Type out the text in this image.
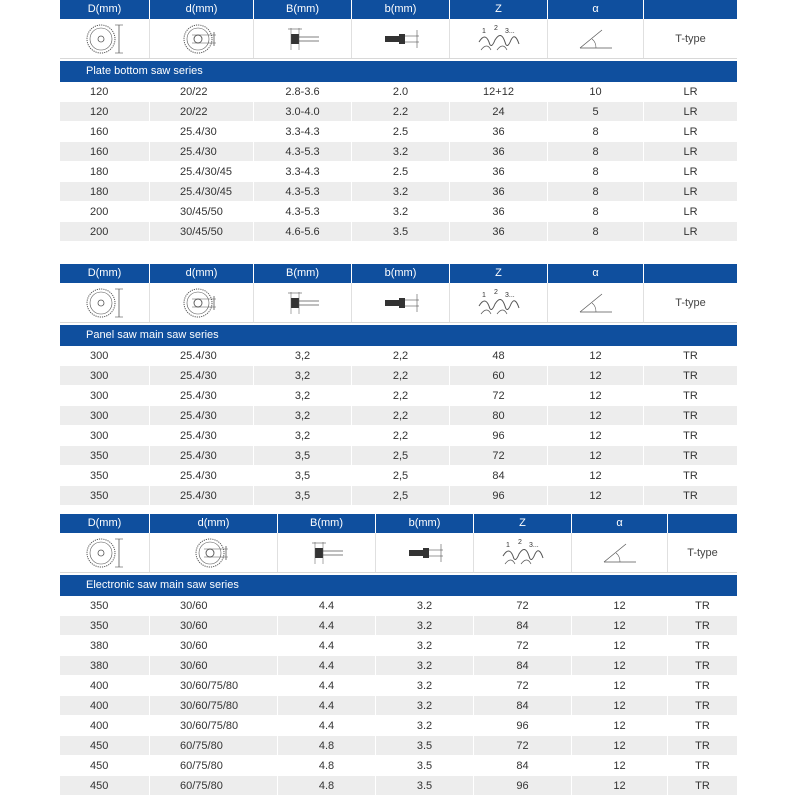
D(mm)	d(mm)	B(mm)	b(mm)	Z	α
1 2 3...
T-type
Plate bottom saw series
120	20/22	2.8-3.6	2.0	12+12	10	LR
120	20/22	3.0-4.0	2.2	24	5	LR
160	25.4/30	3.3-4.3	2.5	36	8	LR
160	25.4/30	4.3-5.3	3.2	36	8	LR
180	25.4/30/45	3.3-4.3	2.5	36	8	LR
180	25.4/30/45	4.3-5.3	3.2	36	8	LR
200	30/45/50	4.3-5.3	3.2	36	8	LR
200	30/45/50	4.6-5.6	3.5	36	8	LR
D(mm)	d(mm)	B(mm)	b(mm)	Z	α
1 2 3...
T-type
Panel saw main saw series
300	25.4/30	3,2	2,2	48	12	TR
300	25.4/30	3,2	2,2	60	12	TR
300	25.4/30	3,2	2,2	72	12	TR
300	25.4/30	3,2	2,2	80	12	TR
300	25.4/30	3,2	2,2	96	12	TR
350	25.4/30	3,5	2,5	72	12	TR
350	25.4/30	3,5	2,5	84	12	TR
350	25.4/30	3,5	2,5	96	12	TR
D(mm)	d(mm)	B(mm)	b(mm)	Z	α
1 2 3...
T-type
Electronic saw main saw series
350	30/60	4.4	3.2	72	12	TR
350	30/60	4.4	3.2	84	12	TR
380	30/60	4.4	3.2	72	12	TR
380	30/60	4.4	3.2	84	12	TR
400	30/60/75/80	4.4	3.2	72	12	TR
400	30/60/75/80	4.4	3.2	84	12	TR
400	30/60/75/80	4.4	3.2	96	12	TR
450	60/75/80	4.8	3.5	72	12	TR
450	60/75/80	4.8	3.5	84	12	TR
450	60/75/80	4.8	3.5	96	12	TR
